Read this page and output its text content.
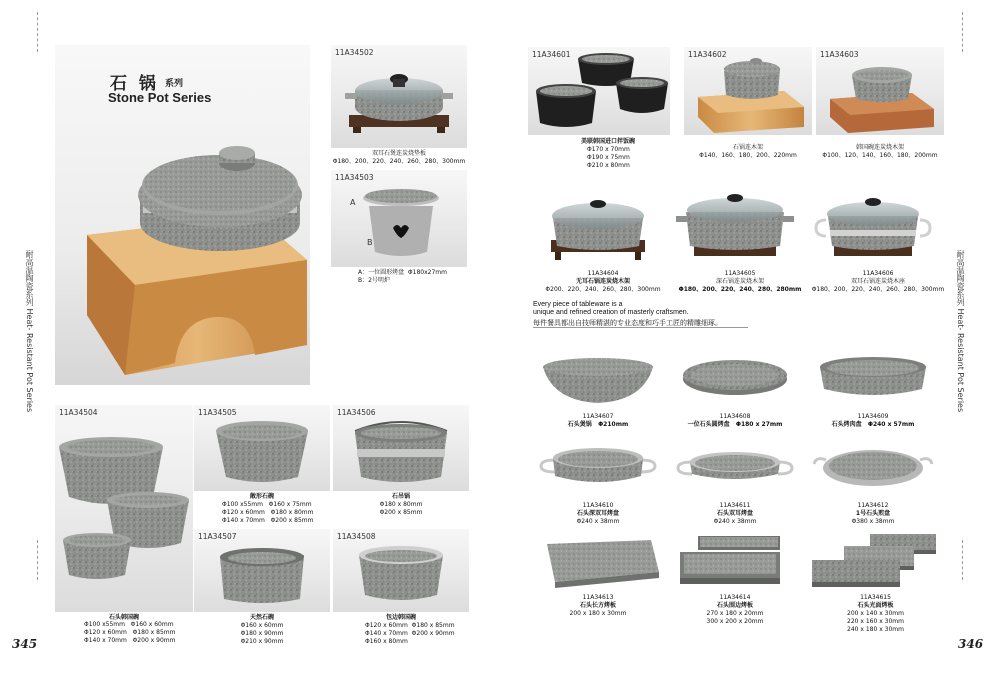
耐高温陶瓷系列 Heat- Resistant Pot Series	耐高温陶瓷系列 Heat- Resistant Pot Series
345	346
石 锅 系列
Stone Pot Series
11A34502
双耳石煲连炭烧垫板
Φ180、200、220、240、260、280、300mm
11A34503
A
B
A：一位圆形烤盘  Φ180x27mm
B：2号明炉
11A34504
石头韩国碗
Φ100 x55mm   Φ160 x 60mm
Φ120 x 60mm   Φ180 x 85mm
Φ140 x 70mm   Φ200 x 90mm
11A34505
敞形石碗
Φ100 x55mm   Φ160 x 75mm
Φ120 x 60mm   Φ180 x 80mm
Φ140 x 70mm   Φ200 x 85mm
11A34506
石吊锅
Φ180 x 80mm
Φ200 x 85mm
11A34507
天然石碗
Φ160 x 60mm
Φ180 x 90mm
Φ210 x 90mm
11A34508
包边韩国碗
Φ120 x 60mm  Φ180 x 85mm
Φ140 x 70mm  Φ200 x 90mm
Φ160 x 80mm
11A34601
美联韩国进口拌饭碗
Φ170 x 70mm
Φ190 x 75mm
Φ210 x 80mm
11A34602
石锅连木架
Φ140、160、180、200、220mm
11A34603
韩国碗连炭烧木架
Φ100、120、140、160、180、200mm
11A34604
无耳石锅连炭烧木架
Φ200、220、240、260、280、300mm
11A34605
深石锅连炭烧木架
Φ180、200、220、240、280、280mm
11A34606
双耳石锅连炭烧木座
Φ180、200、220、240、260、280、300mm
Every piece of tableware is a
unique and refined creation of masterly craftsmen.
每件餐具都出自技师精湛的专业态度和巧手工匠的精雕细琢。
11A34607
石头煲锅   Φ210mm
11A34608
一位石头圆烤盘   Φ180 x 27mm
11A34609
石头烤肉盘   Φ240 x 57mm
11A34610
石头深双耳烤盘
Φ240 x 38mm
11A34611
石头双耳烤盘
Φ240 x 38mm
11A34612
1号石头煎盘
Φ380 x 38mm
11A34613
石头长方烤板
200 x 180 x 30mm
11A34614
石头围边烤板
270 x 180 x 20mm
300 x 200 x 20mm
11A34615
石头光面烤板
200 x 140 x 30mm
220 x 160 x 30mm
240 x 180 x 30mm
